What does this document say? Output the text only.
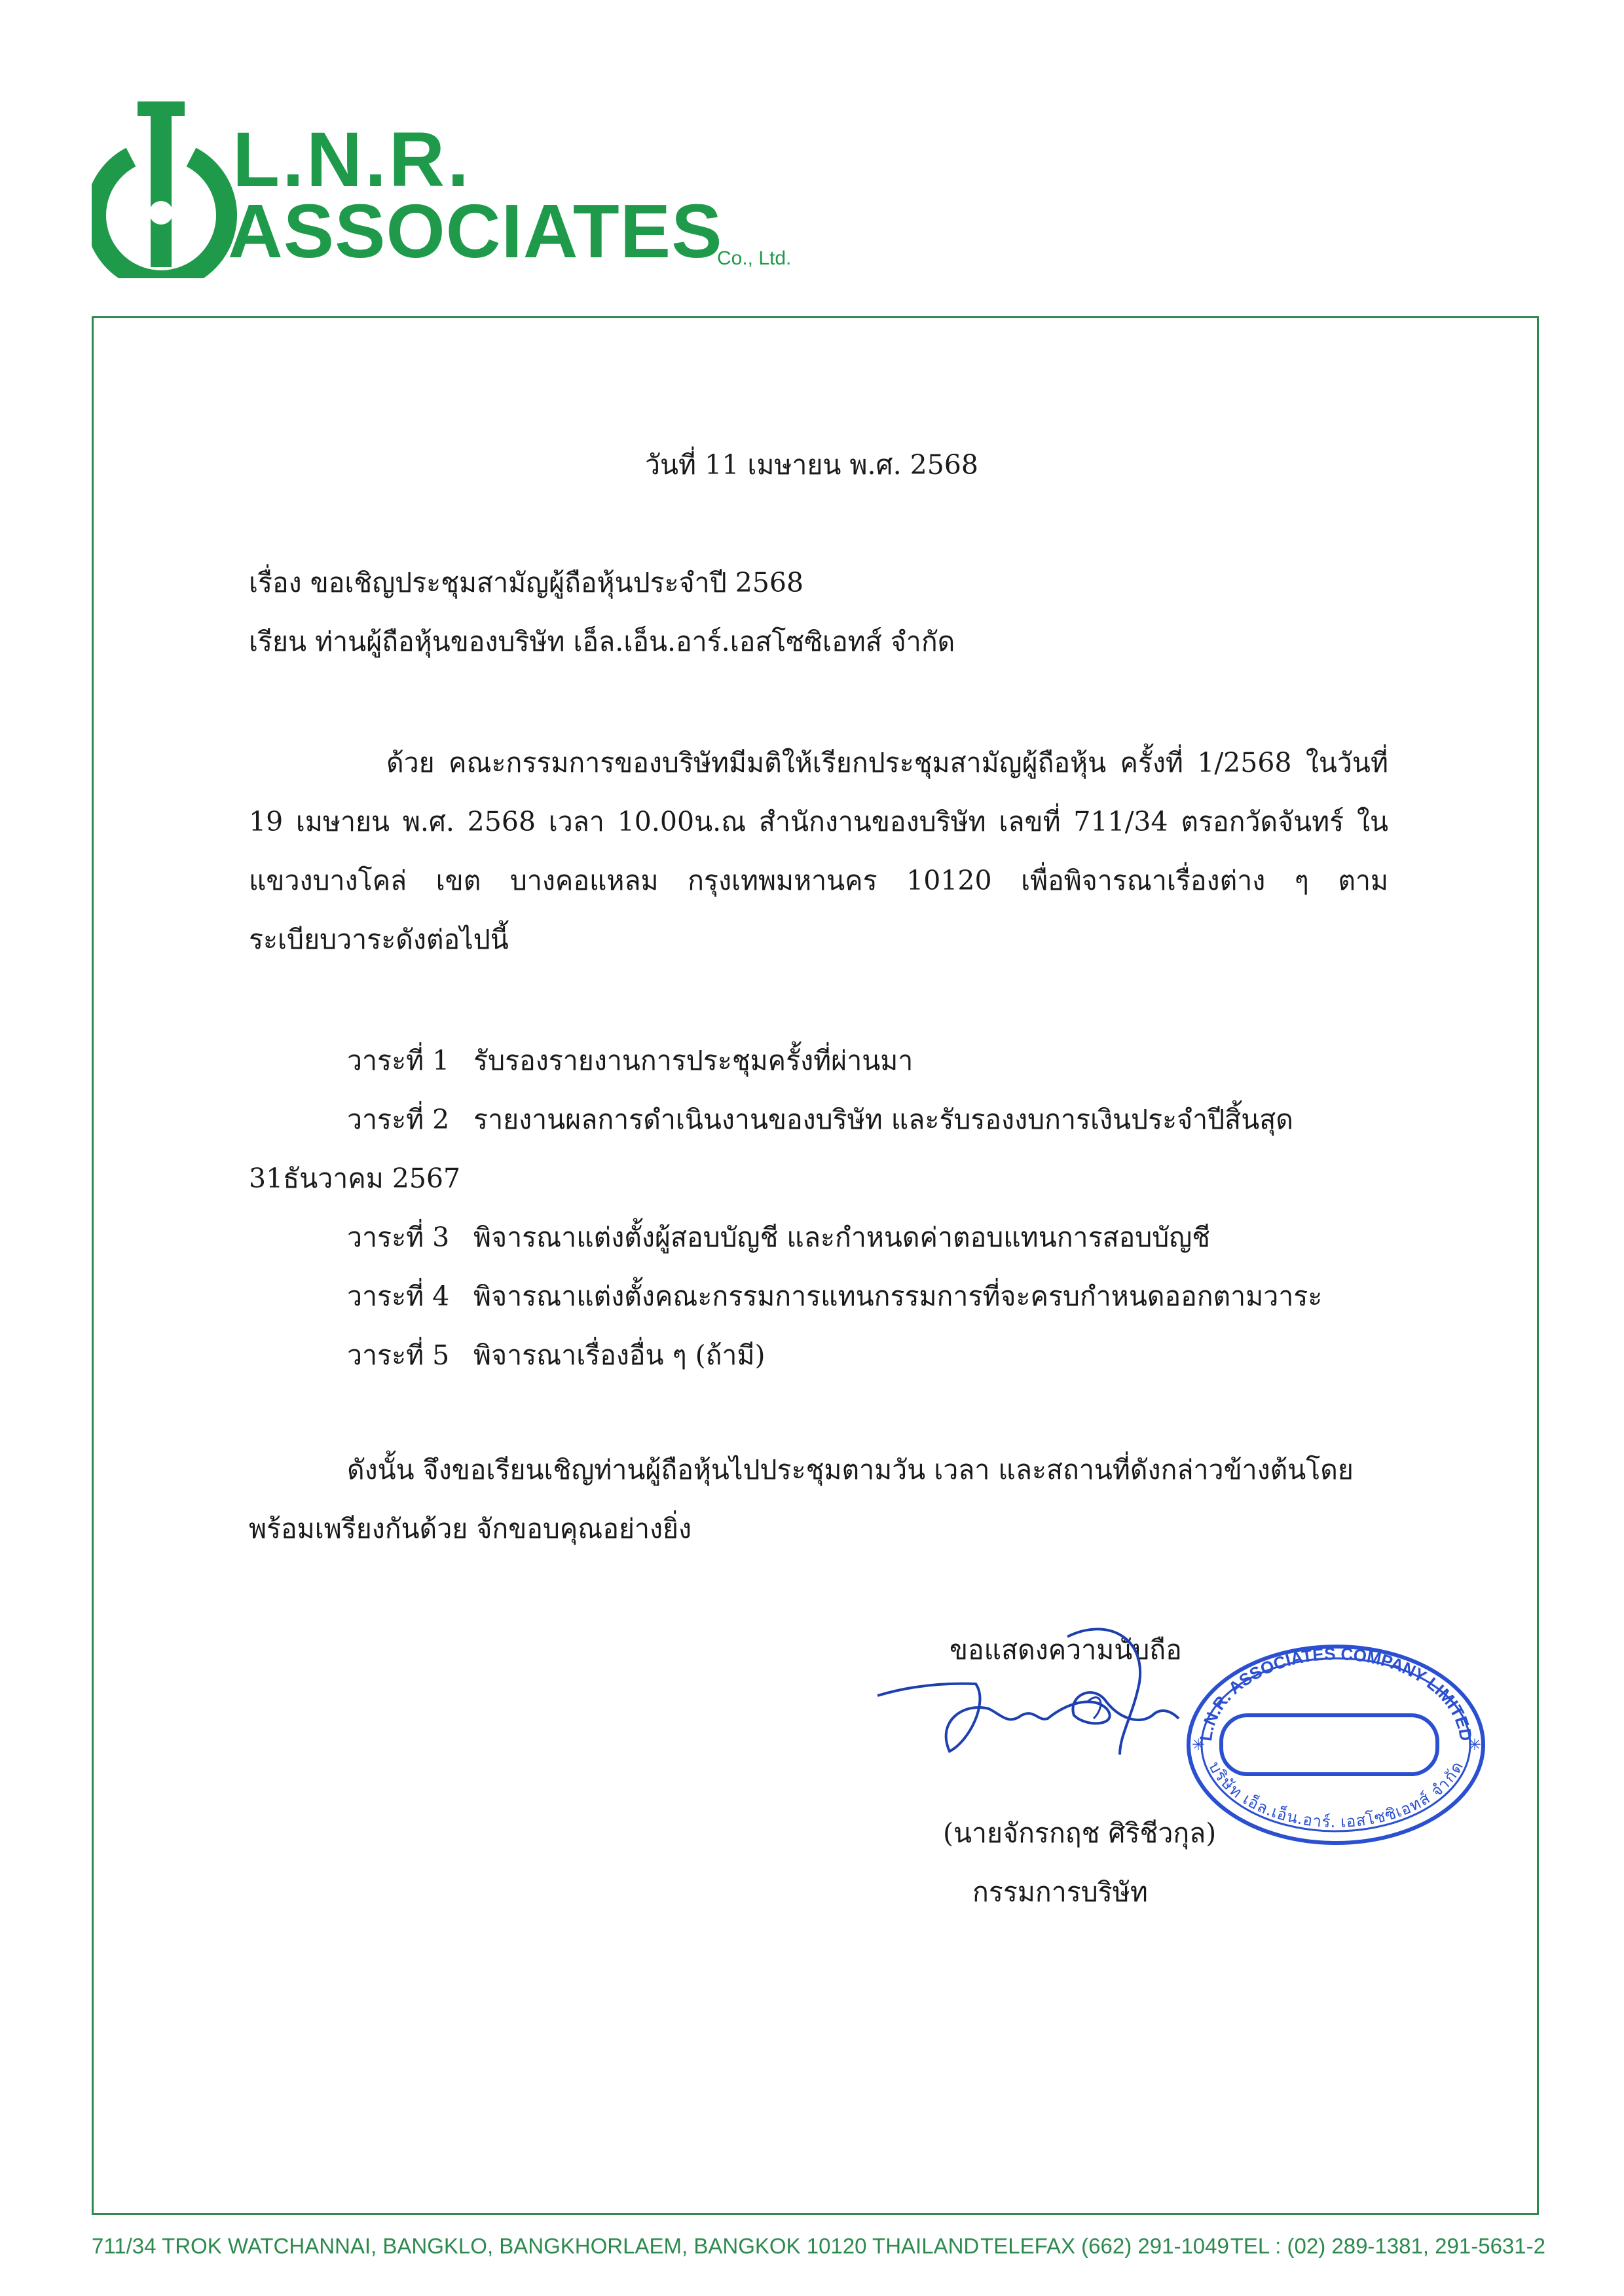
L.N.R.
ASSOCIATES
Co., Ltd.
วันที่ 11 เมษายน พ.ศ. 2568
เรื่อง ขอเชิญประชุมสามัญผู้ถือหุ้นประจำปี 2568
เรียน ท่านผู้ถือหุ้นของบริษัท เอ็ล.เอ็น.อาร์.เอสโซซิเอทส์ จำกัด
ด้วย คณะกรรมการของบริษัทมีมติให้เรียกประชุมสามัญผู้ถือหุ้น ครั้งที่ 1/2568 ในวันที่ 19 เมษายน พ.ศ. 2568 เวลา 10.00น.ณ สำนักงานของบริษัท เลขที่ 711/34 ตรอกวัดจันทร์ ใน แขวงบางโคล่ เขต บางคอแหลม กรุงเทพมหานคร 10120 เพื่อพิจารณาเรื่องต่าง ๆ ตาม ระเบียบวาระดังต่อไปนี้
วาระที่ 1 รับรองรายงานการประชุมครั้งที่ผ่านมา
วาระที่ 2 รายงานผลการดำเนินงานของบริษัท และรับรองงบการเงินประจำปีสิ้นสุด
31ธันวาคม 2567
วาระที่ 3 พิจารณาแต่งตั้งผู้สอบบัญชี และกำหนดค่าตอบแทนการสอบบัญชี
วาระที่ 4 พิจารณาแต่งตั้งคณะกรรมการแทนกรรมการที่จะครบกำหนดออกตามวาระ
วาระที่ 5 พิจารณาเรื่องอื่น ๆ (ถ้ามี)
ดังนั้น จึงขอเรียนเชิญท่านผู้ถือหุ้นไปประชุมตามวัน เวลา และสถานที่ดังกล่าวข้างต้นโดยพร้อมเพรียงกันด้วย จักขอบคุณอย่างยิ่ง
ขอแสดงความนับถือ
L.N.R. ASSOCIATES COMPANY LIMITED
บริษัท เอ็ล.เอ็น.อาร์. เอสโซซิเอทส์ จำกัด
✳	✳
(นายจักรกฤช ศิริชีวกุล)
กรรมการบริษัท
711/34 TROK WATCHANNAI, BANGKLO, BANGKHORLAEM, BANGKOK 10120 THAILAND TELEFAX (662) 291-1049 TEL : (02) 289-1381, 291-5631-2
